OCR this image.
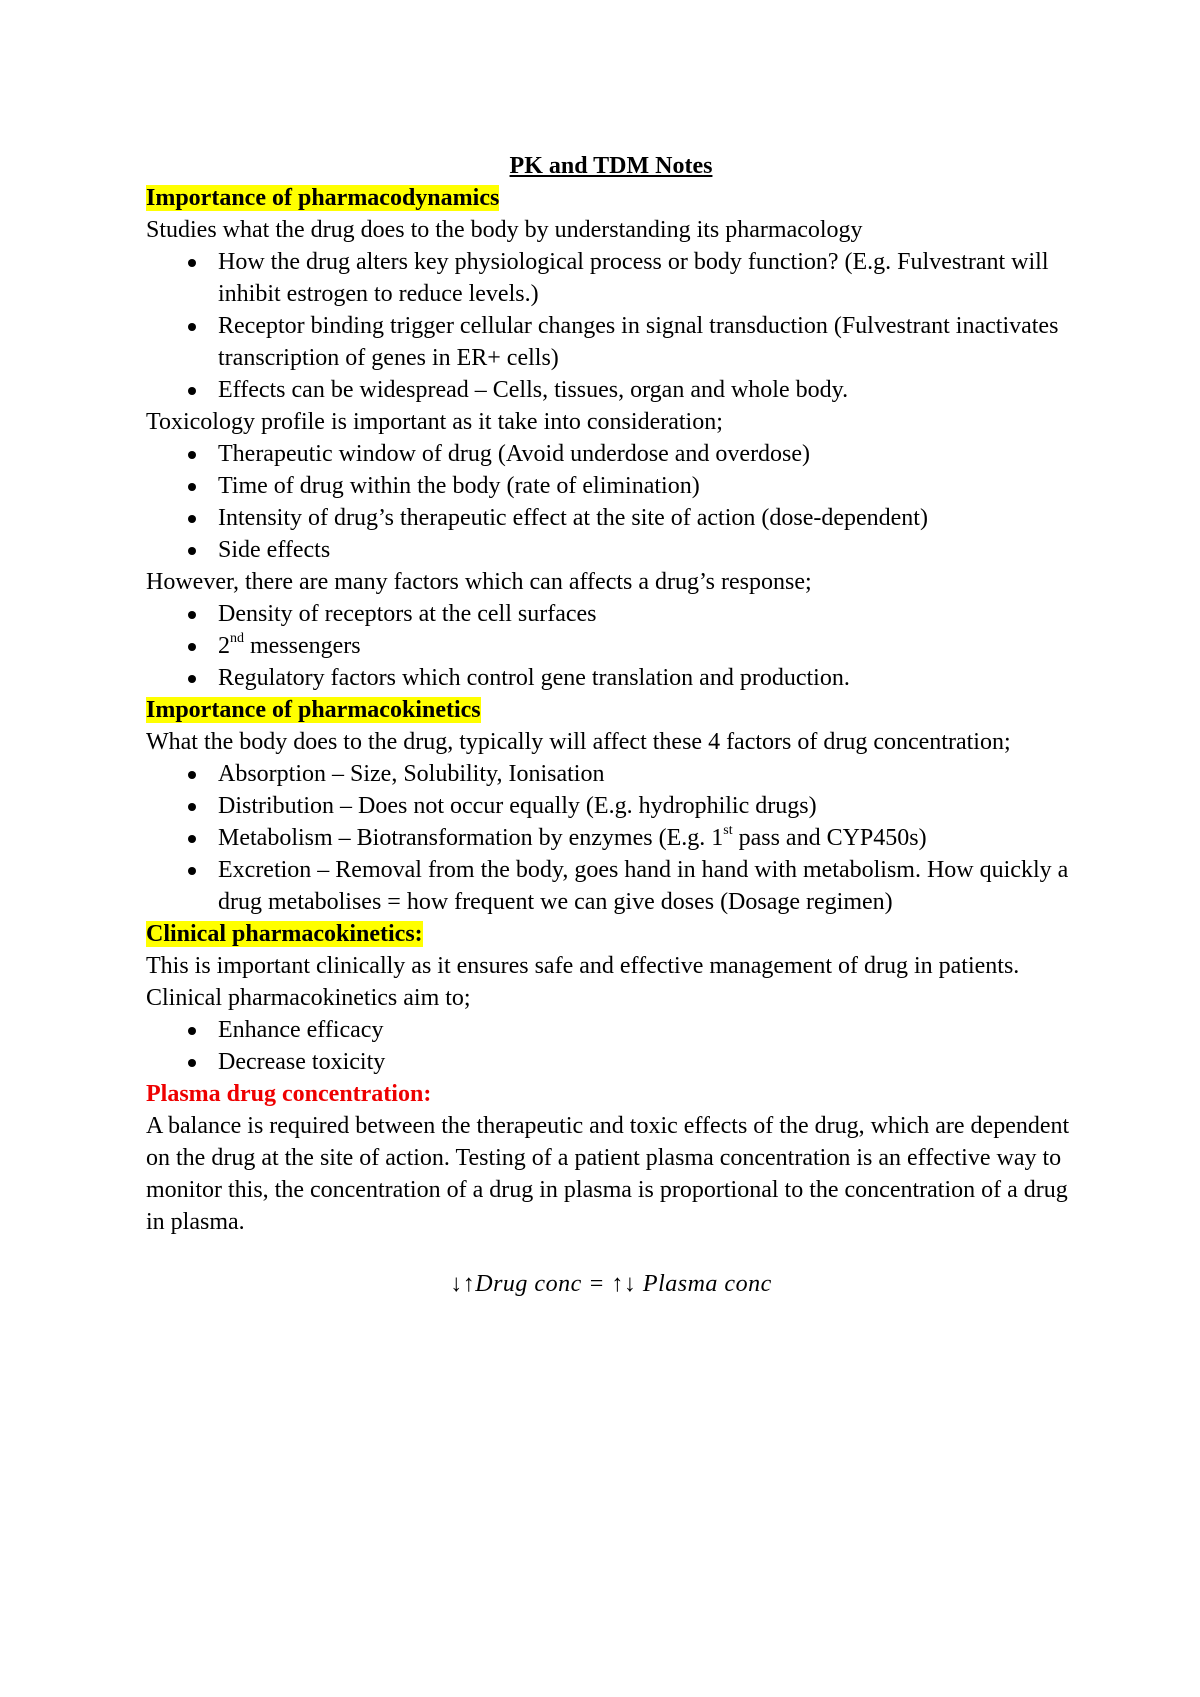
PK and TDM Notes

Importance of pharmacodynamics

Studies what the drug does to the body by understanding its pharmacology

How the drug alters key physiological process or body function? (E.g. Fulvestrant will inhibit estrogen to reduce levels.)
Receptor binding trigger cellular changes in signal transduction (Fulvestrant inactivates transcription of genes in ER+ cells)
Effects can be widespread – Cells, tissues, organ and whole body.

Toxicology profile is important as it take into consideration;

Therapeutic window of drug (Avoid underdose and overdose)
Time of drug within the body (rate of elimination)
Intensity of drug’s therapeutic effect at the site of action (dose-dependent)
Side effects

However, there are many factors which can affects a drug’s response;

Density of receptors at the cell surfaces
2nd messengers
Regulatory factors which control gene translation and production.

Importance of pharmacokinetics

What the body does to the drug, typically will affect these 4 factors of drug concentration;

Absorption – Size, Solubility, Ionisation
Distribution – Does not occur equally (E.g. hydrophilic drugs)
Metabolism – Biotransformation by enzymes (E.g. 1st pass and CYP450s)
Excretion – Removal from the body, goes hand in hand with metabolism. How quickly a drug metabolises = how frequent we can give doses (Dosage regimen)

Clinical pharmacokinetics:

This is important clinically as it ensures safe and effective management of drug in patients. Clinical pharmacokinetics aim to;

Enhance efficacy
Decrease toxicity

Plasma drug concentration:

A balance is required between the therapeutic and toxic effects of the drug, which are dependent on the drug at the site of action. Testing of a patient plasma concentration is an effective way to monitor this, the concentration of a drug in plasma is proportional to the concentration of a drug in plasma.

↓↑Drug conc = ↑↓ Plasma conc
